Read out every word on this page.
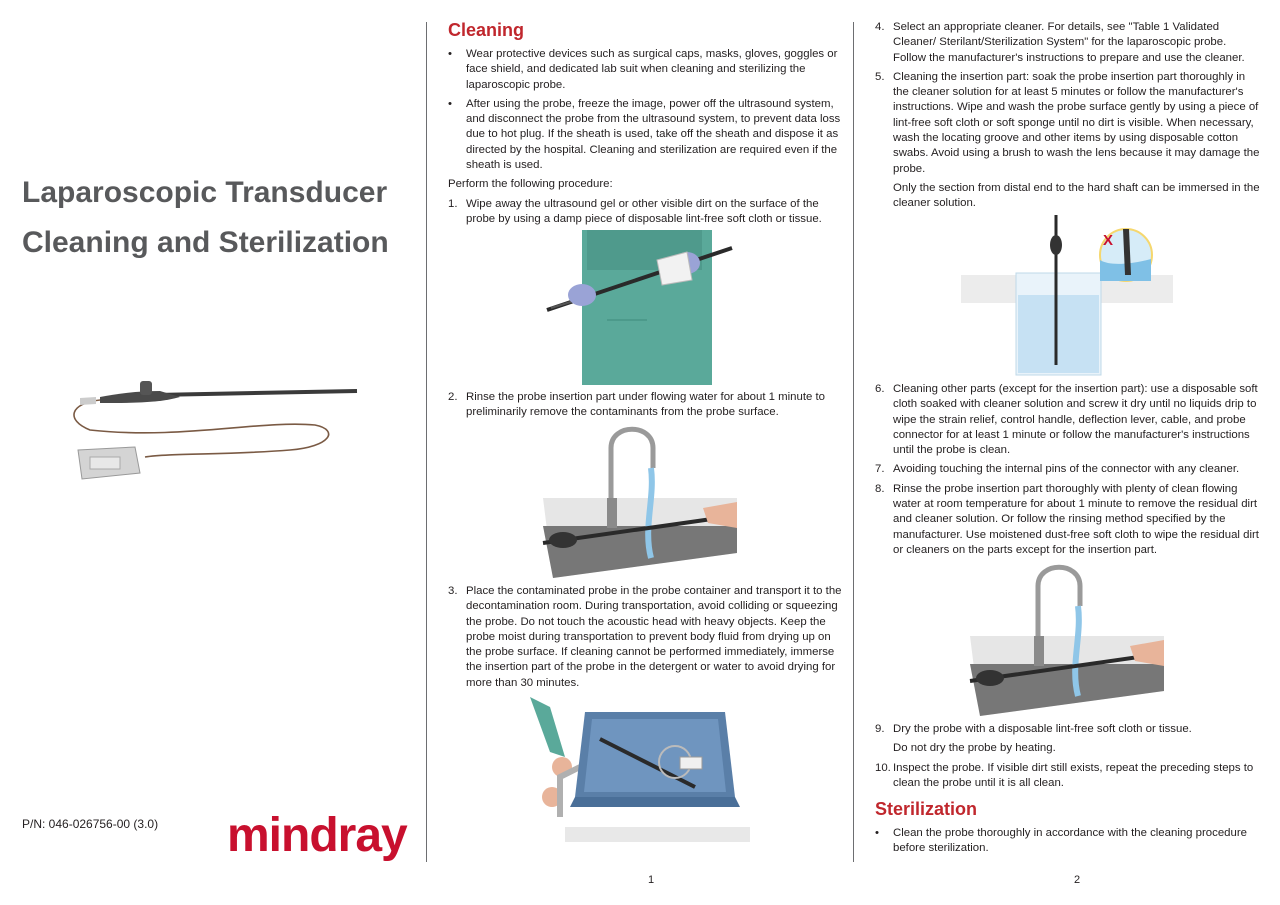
Laparoscopic Transducer
Cleaning and Sterilization
P/N: 046-026756-00 (3.0) mindray
Cleaning
•	Wear protective devices such as surgical caps, masks, gloves, goggles or face shield, and dedicated lab suit when cleaning and sterilizing the laparoscopic probe.
•	After using the probe, freeze the image, power off the ultrasound system, and disconnect the probe from the ultrasound system, to prevent data loss due to hot plug. If the sheath is used, take off the sheath and dispose it as directed by the hospital. Cleaning and sterilization are required even if the sheath is used.
Perform the following procedure:
1. Wipe away the ultrasound gel or other visible dirt on the surface of the probe by using a damp piece of disposable lint-free soft cloth or tissue.
2. Rinse the probe insertion part under flowing water for about 1 minute to preliminarily remove the contaminants from the probe surface.
3. Place the contaminated probe in the probe container and transport it to the decontamination room. During transportation, avoid colliding or squeezing the probe. Do not touch the acoustic head with heavy objects. Keep the probe moist during transportation to prevent body fluid from drying up on the probe surface. If cleaning cannot be performed immediately, immerse the insertion part of the probe in the detergent or water to avoid drying for more than 30 minutes.
1
4. Select an appropriate cleaner. For details, see "Table 1 Validated Cleaner/ Sterilant/Sterilization System" for the laparoscopic probe. Follow the manufacturer's instructions to prepare and use the cleaner.
5. Cleaning the insertion part: soak the probe insertion part thoroughly in the cleaner solution for at least 5 minutes or follow the manufacturer's instructions. Wipe and wash the probe surface gently by using a piece of lint-free soft cloth or soft sponge until no dirt is visible. When necessary, wash the locating groove and other items by using disposable cotton swabs. Avoid using a brush to wash the lens because it may damage the probe.
Only the section from distal end to the hard shaft can be immersed in the cleaner solution.
X
6. Cleaning other parts (except for the insertion part): use a disposable soft cloth soaked with cleaner solution and screw it dry until no liquids drip to wipe the strain relief, control handle, deflection lever, cable, and probe connector for at least 1 minute or follow the manufacturer's instructions until the probe is clean.
7. Avoiding touching the internal pins of the connector with any cleaner.
8. Rinse the probe insertion part thoroughly with plenty of clean flowing water at room temperature for about 1 minute to remove the residual dirt and cleaner solution. Or follow the rinsing method specified by the manufacturer. Use moistened dust-free soft cloth to wipe the residual dirt or cleaners on the parts except for the insertion part.
9. Dry the probe with a disposable lint-free soft cloth or tissue.
Do not dry the probe by heating.
10. Inspect the probe. If visible dirt still exists, repeat the preceding steps to clean the probe until it is all clean.
Sterilization
•	Clean the probe thoroughly in accordance with the cleaning procedure before sterilization.
2
